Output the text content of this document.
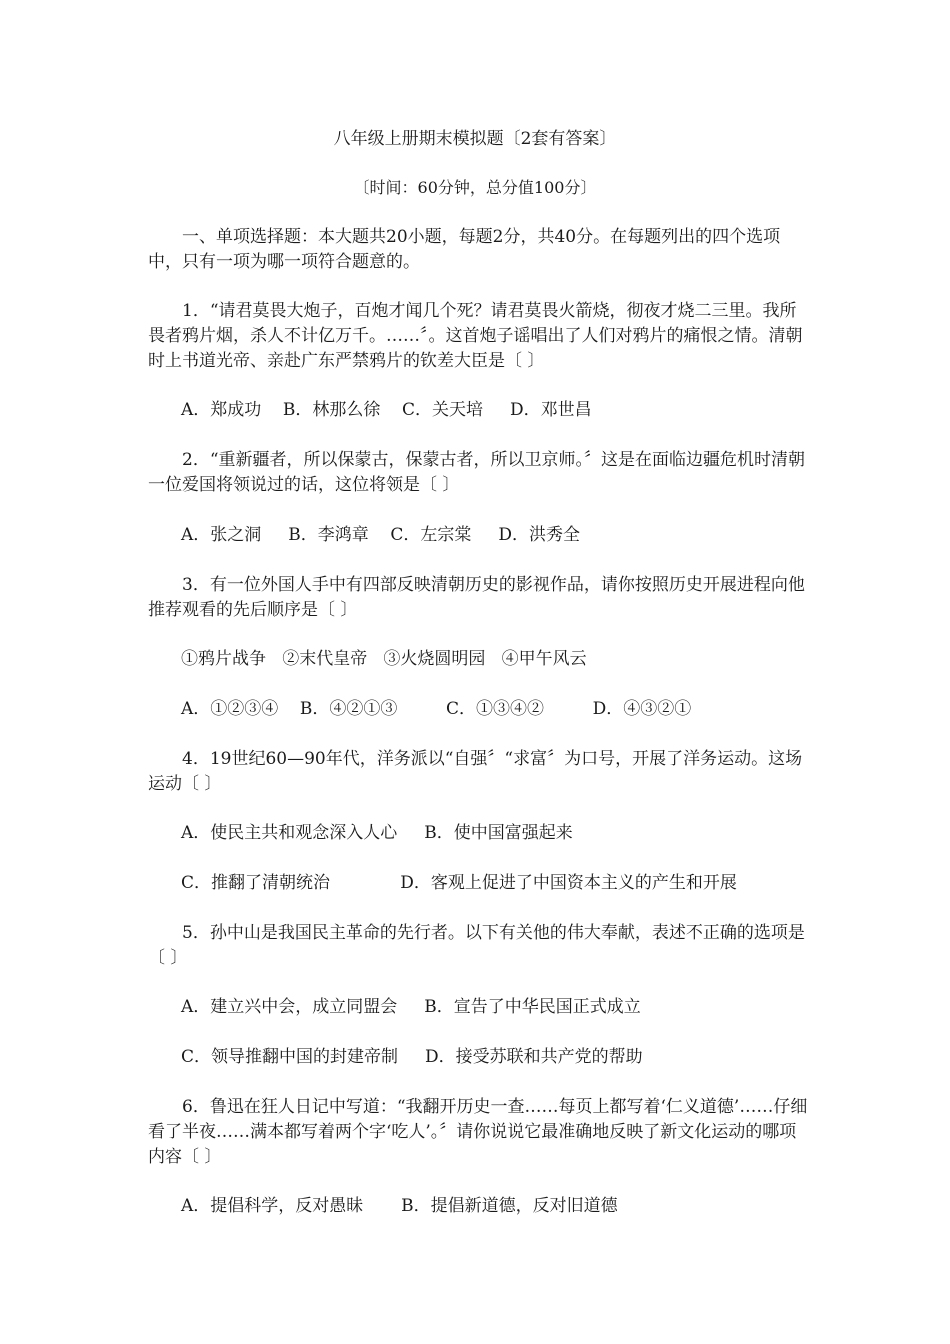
八年级上册期末模拟题〔2套有答案〕
〔时间：60分钟，总分值100分〕

一、单项选择题：本大题共20小题，每题2分，共40分。在每题列出的四个选项中，只有一项为哪一项符合题意的。

1．“请君莫畏大炮子，百炮才闻几个死？请君莫畏火箭烧，彻夜才烧二三里。我所畏者鸦片烟，杀人不计亿万千。……〞。这首炮子谣唱出了人们对鸦片的痛恨之情。清朝时上书道光帝、亲赴广东严禁鸦片的钦差大臣是〔 〕

A．郑成功    B．林那么徐    C．关天培     D．邓世昌

2．“重新疆者，所以保蒙古，保蒙古者，所以卫京师。〞这是在面临边疆危机时清朝一位爱国将领说过的话，这位将领是〔 〕

A．张之洞     B．李鸿章    C．左宗棠     D．洪秀全

3．有一位外国人手中有四部反映清朝历史的影视作品，请你按照历史开展进程向他推荐观看的先后顺序是〔 〕

①鸦片战争   ②末代皇帝   ③火烧圆明园   ④甲午风云

A．①②③④    B．④②①③         C．①③④②         D．④③②①

4．19世纪60—90年代，洋务派以“自强〞“求富〞为口号，开展了洋务运动。这场运动〔 〕

A．使民主共和观念深入人心     B．使中国富强起来

C．推翻了清朝统治             D．客观上促进了中国资本主义的产生和开展

5．孙中山是我国民主革命的先行者。以下有关他的伟大奉献，表述不正确的选项是〔 〕

A．建立兴中会，成立同盟会     B．宣告了中华民国正式成立

C．领导推翻中国的封建帝制     D．接受苏联和共产党的帮助

6．鲁迅在狂人日记中写道：“我翻开历史一查……每页上都写着‘仁义道德’……仔细看了半夜……满本都写着两个字‘吃人’。〞请你说说它最准确地反映了新文化运动的哪项内容〔 〕

A．提倡科学，反对愚昧       B．提倡新道德，反对旧道德
